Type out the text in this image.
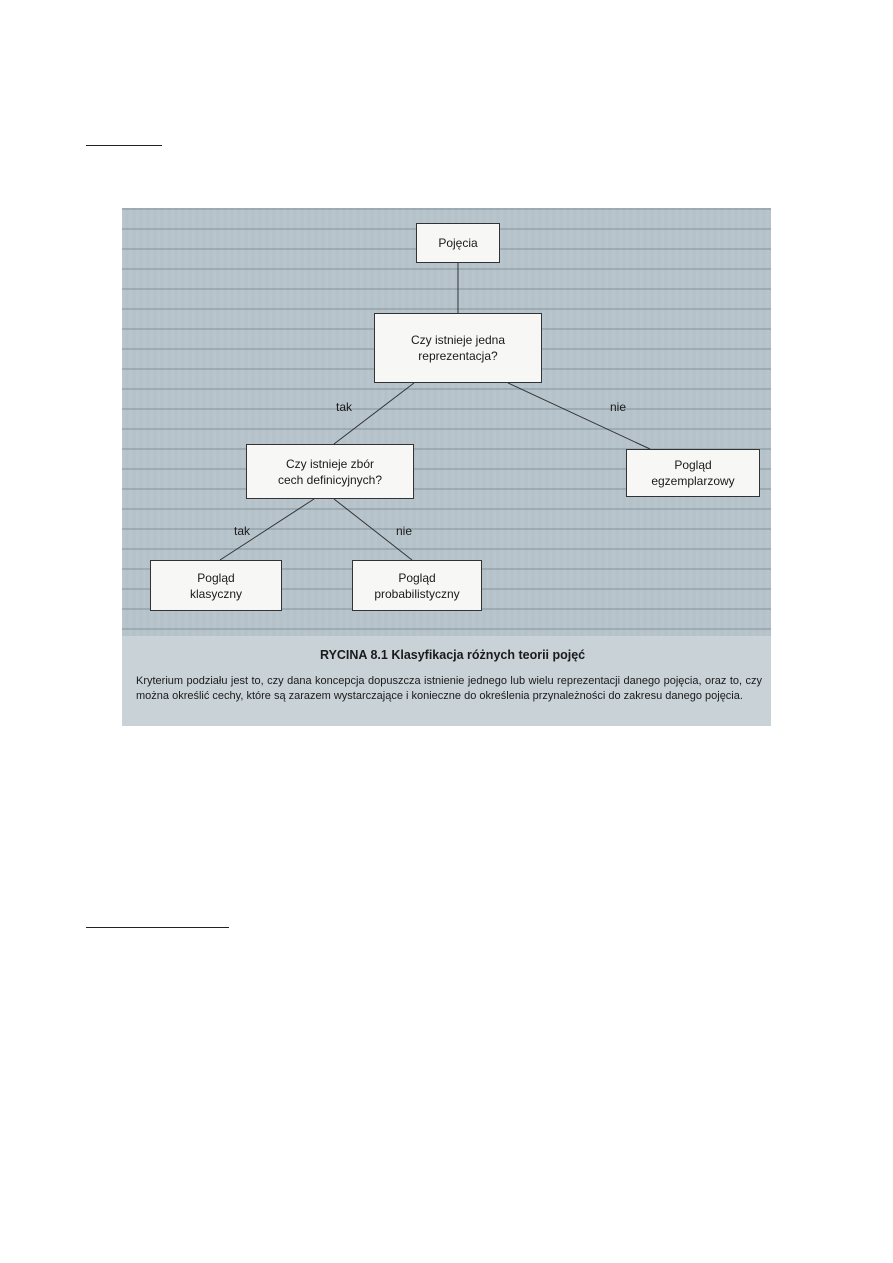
Pojęcia
Czy istnieje jedna
reprezentacja?
Czy istnieje zbór
cech definicyjnych?
Pogląd
egzemplarzowy
Pogląd
klasyczny
Pogląd
probabilistyczny
tak	nie
tak	nie
RYCINA 8.1 Klasyfikacja różnych teorii pojęć
Kryterium podziału jest to, czy dana koncepcja dopuszcza istnienie jednego lub wielu reprezentacji danego pojęcia, oraz to, czy można określić cechy, które są zarazem wystarczające i konieczne do określenia przynależności do zakresu danego pojęcia.
